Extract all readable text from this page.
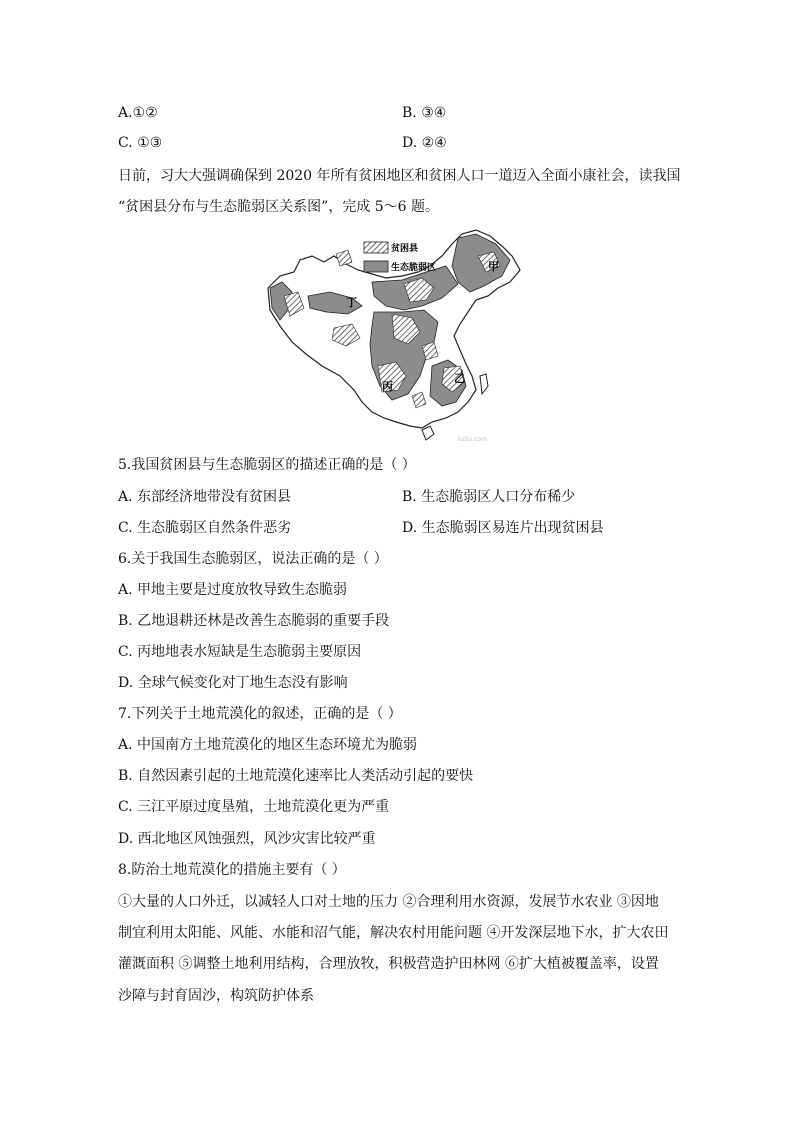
A.①②	B. ③④
C. ①③	D. ②④
日前，习大大强调确保到 2020 年所有贫困地区和贫困人口一道迈入全面小康社会，读我国
“贫困县分布与生态脆弱区关系图”，完成 5～6 题。
贫困县
生态脆弱区	甲
乙
丙
丁
ks5u.com
5.我国贫困县与生态脆弱区的描述正确的是（ ）
A. 东部经济地带没有贫困县	B. 生态脆弱区人口分布稀少
C. 生态脆弱区自然条件恶劣	D. 生态脆弱区易连片出现贫困县
6.关于我国生态脆弱区，说法正确的是（ ）
A. 甲地主要是过度放牧导致生态脆弱
B. 乙地退耕还林是改善生态脆弱的重要手段
C. 丙地地表水短缺是生态脆弱主要原因
D. 全球气候变化对丁地生态没有影响
7.下列关于土地荒漠化的叙述，正确的是（ ）
A. 中国南方土地荒漠化的地区生态环境尤为脆弱
B. 自然因素引起的土地荒漠化速率比人类活动引起的要快
C. 三江平原过度垦殖，土地荒漠化更为严重
D. 西北地区风蚀强烈，风沙灾害比较严重
8.防治土地荒漠化的措施主要有（ ）
①大量的人口外迁，以减轻人口对土地的压力 ②合理利用水资源，发展节水农业 ③因地
制宜利用太阳能、风能、水能和沼气能，解决农村用能问题 ④开发深层地下水，扩大农田
灌溉面积 ⑤调整土地利用结构，合理放牧，积极营造护田林网 ⑥扩大植被覆盖率，设置
沙障与封育固沙，构筑防护体系
